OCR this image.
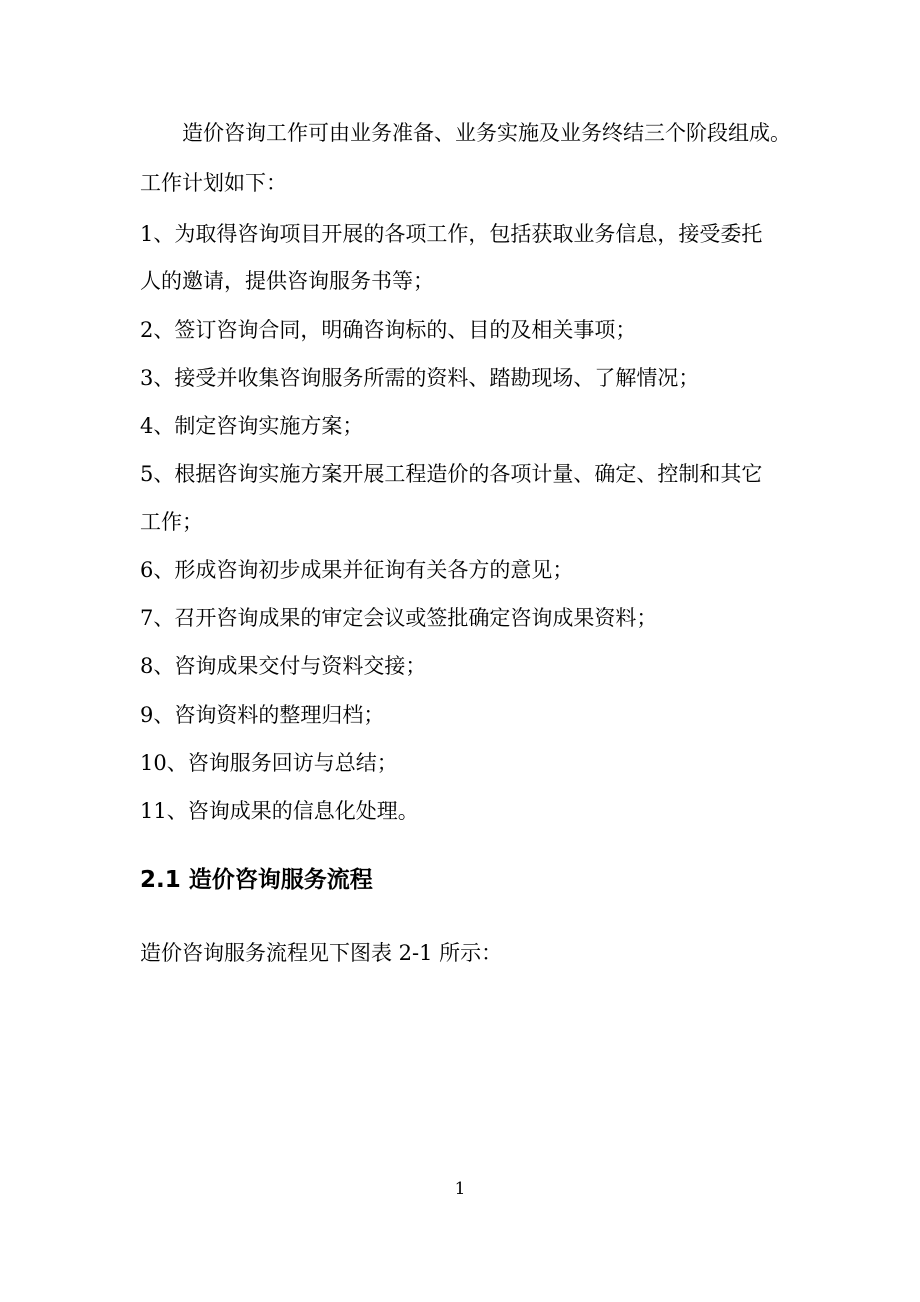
造价咨询工作可由业务准备、业务实施及业务终结三个阶段组成。

工作计划如下：

1、为取得咨询项目开展的各项工作，包括获取业务信息，接受委托

人的邀请，提供咨询服务书等；

2、签订咨询合同，明确咨询标的、目的及相关事项；

3、接受并收集咨询服务所需的资料、踏勘现场、了解情况；

4、制定咨询实施方案；

5、根据咨询实施方案开展工程造价的各项计量、确定、控制和其它

工作；

6、形成咨询初步成果并征询有关各方的意见；

7、召开咨询成果的审定会议或签批确定咨询成果资料；

8、咨询成果交付与资料交接；

9、咨询资料的整理归档；

10、咨询服务回访与总结；

11、咨询成果的信息化处理。

2.1 造价咨询服务流程

造价咨询服务流程见下图表 2-1 所示：

1
